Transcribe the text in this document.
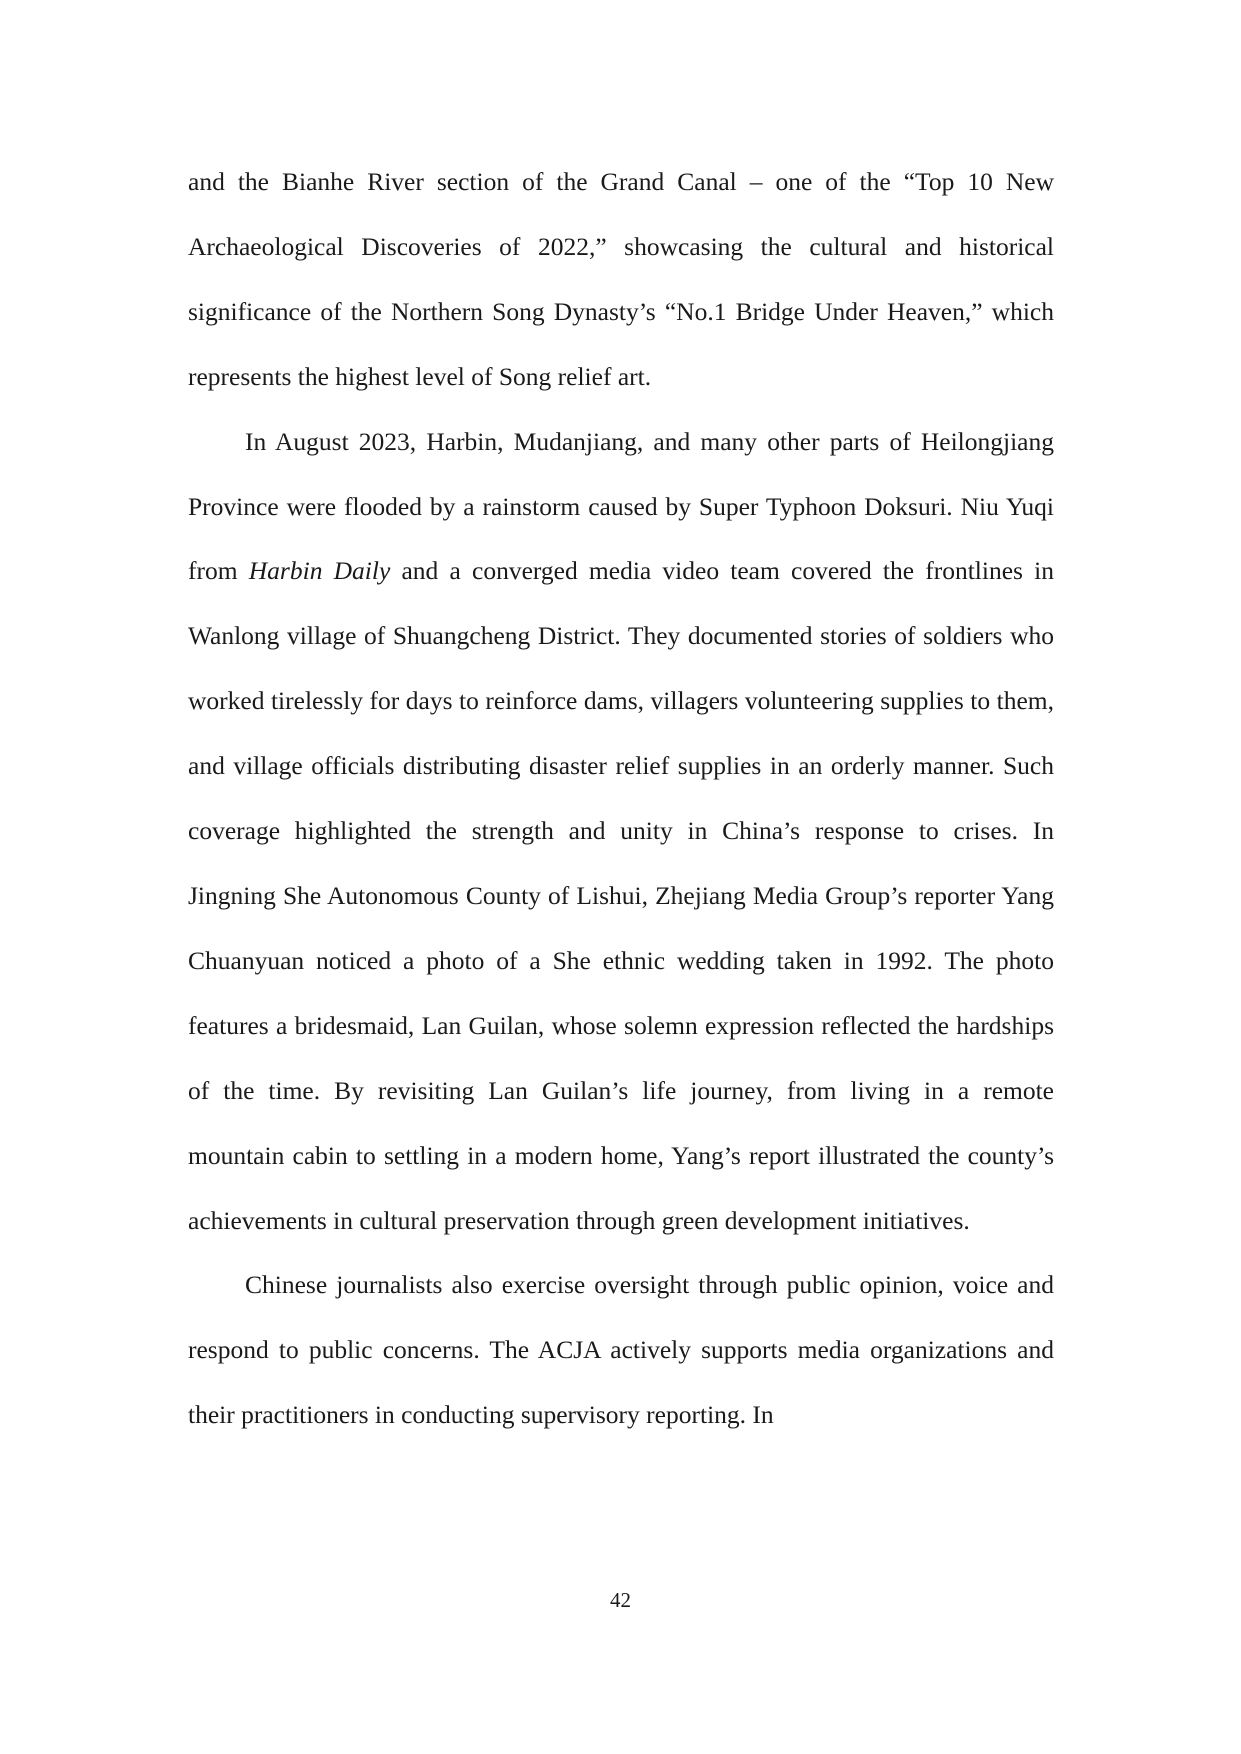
and the Bianhe River section of the Grand Canal – one of the “Top 10 New Archaeological Discoveries of 2022,” showcasing the cultural and historical significance of the Northern Song Dynasty’s “No.1 Bridge Under Heaven,” which represents the highest level of Song relief art.

In August 2023, Harbin, Mudanjiang, and many other parts of Heilongjiang Province were flooded by a rainstorm caused by Super Typhoon Doksuri. Niu Yuqi from Harbin Daily and a converged media video team covered the frontlines in Wanlong village of Shuangcheng District. They documented stories of soldiers who worked tirelessly for days to reinforce dams, villagers volunteering supplies to them, and village officials distributing disaster relief supplies in an orderly manner. Such coverage highlighted the strength and unity in China’s response to crises. In Jingning She Autonomous County of Lishui, Zhejiang Media Group’s reporter Yang Chuanyuan noticed a photo of a She ethnic wedding taken in 1992. The photo features a bridesmaid, Lan Guilan, whose solemn expression reflected the hardships of the time. By revisiting Lan Guilan’s life journey, from living in a remote mountain cabin to settling in a modern home, Yang’s report illustrated the county’s achievements in cultural preservation through green development initiatives.

Chinese journalists also exercise oversight through public opinion, voice and respond to public concerns. The ACJA actively supports media organizations and their practitioners in conducting supervisory reporting. In

42
